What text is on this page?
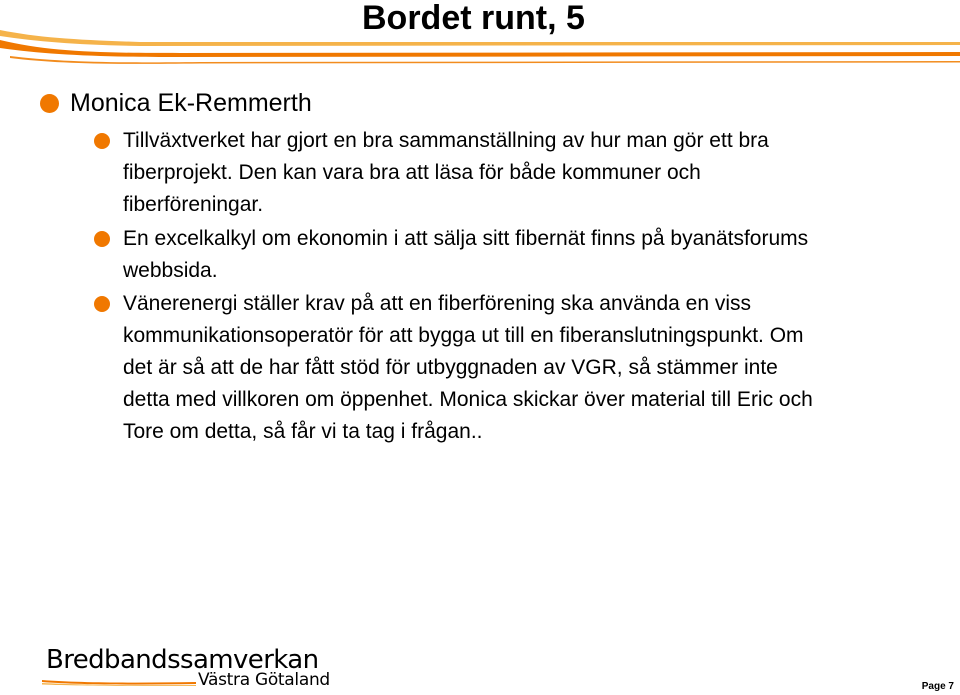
Bordet runt, 5
Monica Ek-Remmerth
Tillväxtverket har gjort en bra sammanställning av hur man gör ett bra
fiberprojekt. Den kan vara bra att läsa för både kommuner och
fiberföreningar.
En excelkalkyl om ekonomin i att sälja sitt fibernät finns på byanätsforums
webbsida.
Vänerenergi ställer krav på att en fiberförening ska använda en viss
kommunikationsoperatör för att bygga ut till en fiberanslutningspunkt. Om
det är så att de har fått stöd för utbyggnaden av VGR, så stämmer inte
detta med villkoren om öppenhet. Monica skickar över material till Eric och
Tore om detta, så får vi ta tag i frågan..
Bredbandssamverkan
Västra Götaland	Page 7
